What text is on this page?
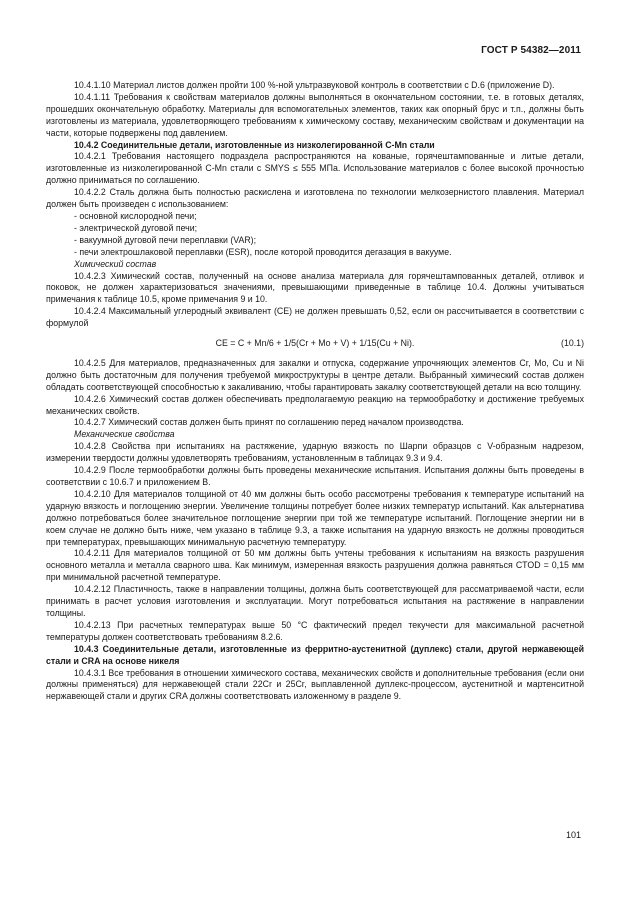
ГОСТ Р 54382—2011

10.4.1.10 Материал листов должен пройти 100 %-ной ультразвуковой контроль в соответствии с D.6 (приложение D).

10.4.1.11 Требования к свойствам материалов должны выполняться в окончательном состоянии, т.е. в готовых деталях, прошедших окончательную обработку. Материалы для вспомогательных элементов, таких как опорный брус и т.п., должны быть изготовлены из материала, удовлетворяющего требованиям к химическому составу, механическим свойствам и документации на части, которые подвержены под давлением.

10.4.2 Соединительные детали, изготовленные из низколегированной С-Mn стали

10.4.2.1 Требования настоящего подраздела распространяются на кованые, горячештампованные и литые детали, изготовленные из низколегированной С-Mn стали с SMYS ≤ 555 МПа. Использование материалов с более высокой прочностью должно приниматься по соглашению.

10.4.2.2 Сталь должна быть полностью раскислена и изготовлена по технологии мелкозернистого плавления. Материал должен быть произведен с использованием:

- основной кислородной печи;

- электрической дуговой печи;

- вакуумной дуговой печи переплавки (VAR);

- печи электрошлаковой переплавки (ESR), после которой проводится дегазация в вакууме.

Химический состав

10.4.2.3 Химический состав, полученный на основе анализа материала для горячештампованных деталей, отливок и поковок, не должен характеризоваться значениями, превышающими приведенные в таблице 10.4. Должны учитываться примечания к таблице 10.5, кроме примечания 9 и 10.

10.4.2.4 Максимальный углеродный эквивалент (CE) не должен превышать 0,52, если он рассчитывается в соответствии с формулой

CE = C + Mn/6 + 1/5(Cr + Mo + V) + 1/15(Cu + Ni).	(10.1)

10.4.2.5 Для материалов, предназначенных для закалки и отпуска, содержание упрочняющих элементов Cr, Mo, Cu и Ni должно быть достаточным для получения требуемой микроструктуры в центре детали. Выбранный химический состав должен обладать соответствующей способностью к закаливанию, чтобы гарантировать закалку соответствующей детали на всю толщину.

10.4.2.6 Химический состав должен обеспечивать предполагаемую реакцию на термообработку и достижение требуемых механических свойств.

10.4.2.7 Химический состав должен быть принят по соглашению перед началом производства.

Механические свойства

10.4.2.8 Свойства при испытаниях на растяжение, ударную вязкость по Шарпи образцов с V-образным надрезом, измерении твердости должны удовлетворять требованиям, установленным в таблицах 9.3 и 9.4.

10.4.2.9 После термообработки должны быть проведены механические испытания. Испытания должны быть проведены в соответствии с 10.6.7 и приложением В.

10.4.2.10 Для материалов толщиной от 40 мм должны быть особо рассмотрены требования к температуре испытаний на ударную вязкость и поглощению энергии. Увеличение толщины потребует более низких температур испытаний. Как альтернатива должно потребоваться более значительное поглощение энергии при той же температуре испытаний. Поглощение энергии ни в коем случае не должно быть ниже, чем указано в таблице 9.3, а также испытания на ударную вязкость не должны проводиться при температурах, превышающих минимальную расчетную температуру.

10.4.2.11 Для материалов толщиной от 50 мм должны быть учтены требования к испытаниям на вязкость разрушения основного металла и металла сварного шва. Как минимум, измеренная вязкость разрушения должна равняться CTOD = 0,15 мм при минимальной расчетной температуре.

10.4.2.12 Пластичность, также в направлении толщины, должна быть соответствующей для рассматриваемой части, если принимать в расчет условия изготовления и эксплуатации. Могут потребоваться испытания на растяжение в направлении толщины.

10.4.2.13 При расчетных температурах выше 50 °С фактический предел текучести для максимальной расчетной температуры должен соответствовать требованиям 8.2.6.

10.4.3 Соединительные детали, изготовленные из ферритно-аустенитной (дуплекс) стали, другой нержавеющей стали и CRA на основе никеля

10.4.3.1 Все требования в отношении химического состава, механических свойств и дополнительные требования (если они должны применяться) для нержавеющей стали 22Cr и 25Cr, выплавленной дуплекс-процессом, аустенитной и мартенситной нержавеющей стали и других CRA должны соответствовать изложенному в разделе 9.

101
